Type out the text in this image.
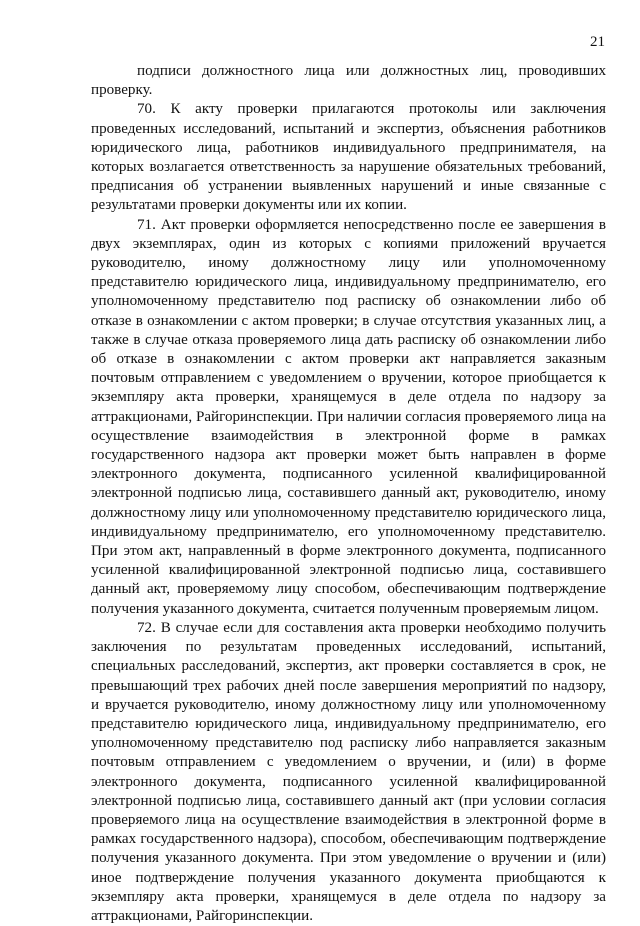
21

подписи должностного лица или должностных лиц, проводивших проверку.

70. К акту проверки прилагаются протоколы или заключения проведенных исследований, испытаний и экспертиз, объяснения работников юридического лица, работников индивидуального предпринимателя, на которых возлагается ответственность за нарушение обязательных требований, предписания об устранении выявленных нарушений и иные связанные с результатами проверки документы или их копии.

71. Акт проверки оформляется непосредственно после ее завершения в двух экземплярах, один из которых с копиями приложений вручается руководителю, иному должностному лицу или уполномоченному представителю юридического лица, индивидуальному предпринимателю, его уполномоченному представителю под расписку об ознакомлении либо об отказе в ознакомлении с актом проверки; в случае отсутствия указанных лиц, а также в случае отказа проверяемого лица дать расписку об ознакомлении либо об отказе в ознакомлении с актом проверки акт направляется заказным почтовым отправлением с уведомлением о вручении, которое приобщается к экземпляру акта проверки, хранящемуся в деле отдела по надзору за аттракционами, Райгоринспекции. При наличии согласия проверяемого лица на осуществление взаимодействия в электронной форме в рамках государственного надзора акт проверки может быть направлен в форме электронного документа, подписанного усиленной квалифицированной электронной подписью лица, составившего данный акт, руководителю, иному должностному лицу или уполномоченному представителю юридического лица, индивидуальному предпринимателю, его уполномоченному представителю. При этом акт, направленный в форме электронного документа, подписанного усиленной квалифицированной электронной подписью лица, составившего данный акт, проверяемому лицу способом, обеспечивающим подтверждение получения указанного документа, считается полученным проверяемым лицом.

72. В случае если для составления акта проверки необходимо получить заключения по результатам проведенных исследований, испытаний, специальных расследований, экспертиз, акт проверки составляется в срок, не превышающий трех рабочих дней после завершения мероприятий по надзору, и вручается руководителю, иному должностному лицу или уполномоченному представителю юридического лица, индивидуальному предпринимателю, его уполномоченному представителю под расписку либо направляется заказным почтовым отправлением с уведомлением о вручении, и (или) в форме электронного документа, подписанного усиленной квалифицированной электронной подписью лица, составившего данный акт (при условии согласия проверяемого лица на осуществление взаимодействия в электронной форме в рамках государственного надзора), способом, обеспечивающим подтверждение получения указанного документа. При этом уведомление о вручении и (или) иное подтверждение получения указанного документа приобщаются к экземпляру акта проверки, хранящемуся в деле отдела по надзору за аттракционами, Райгоринспекции.
